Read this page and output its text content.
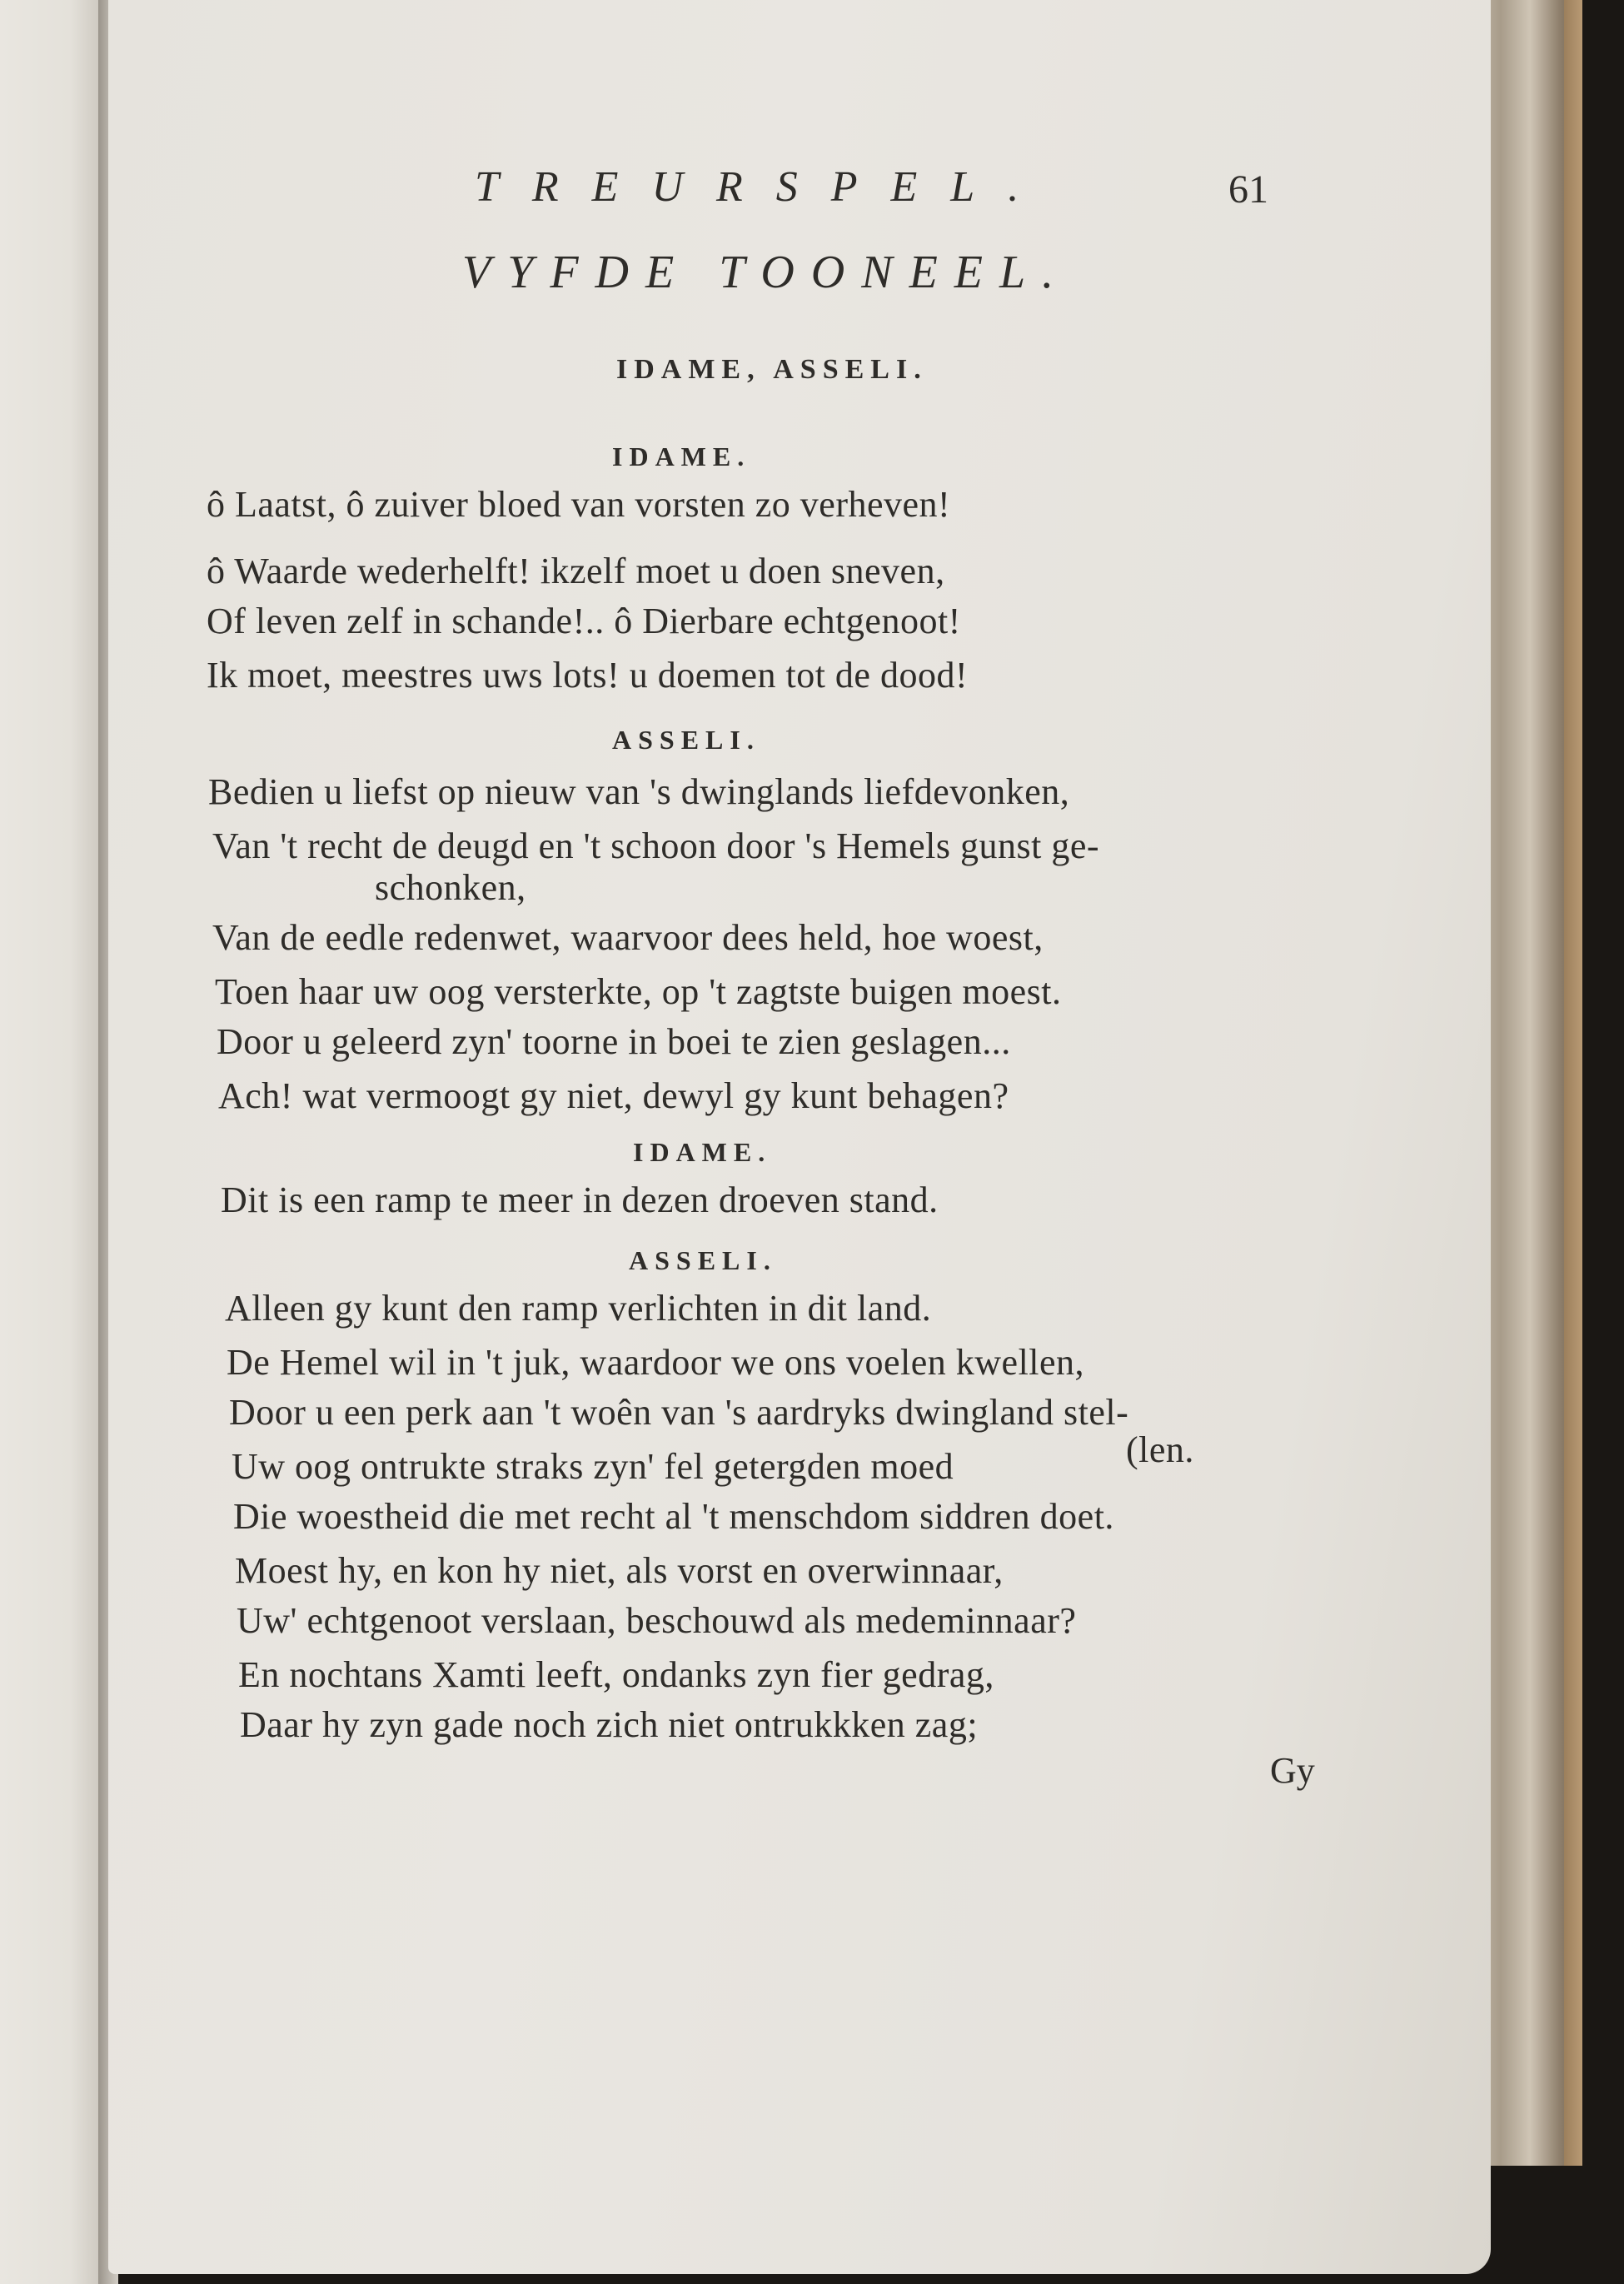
TREURSPEL.	61

VYFDE TOONEEL.

IDAME, ASSELI.

IDAME.

ô Laatst, ô zuiver bloed van vorsten zo verheven!

ô Waarde wederhelft! ikzelf moet u doen sneven,

Of leven zelf in schande!.. ô Dierbare echtgenoot!

Ik moet, meestres uws lots! u doemen tot de dood!

ASSELI.

Bedien u liefst op nieuw van 's dwinglands liefdevonken,

Van 't recht de deugd en 't schoon door 's Hemels gunst ge-

schonken,

Van de eedle redenwet, waarvoor dees held, hoe woest,

Toen haar uw oog versterkte, op 't zagtste buigen moest.

Door u geleerd zyn' toorne in boei te zien geslagen...

Ach! wat vermoogt gy niet, dewyl gy kunt behagen?

IDAME.

Dit is een ramp te meer in dezen droeven stand.

ASSELI.

Alleen gy kunt den ramp verlichten in dit land.

De Hemel wil in 't juk, waardoor we ons voelen kwellen,

Door u een perk aan 't woên van 's aardryks dwingland stel-

Uw oog ontrukte straks zyn' fel getergden moed	(len.

Die woestheid die met recht al 't menschdom siddren doet.

Moest hy, en kon hy niet, als vorst en overwinnaar,

Uw' echtgenoot verslaan, beschouwd als medeminnaar?

En nochtans Xamti leeft, ondanks zyn fier gedrag,

Daar hy zyn gade noch zich niet ontrukkken zag;

Gy
